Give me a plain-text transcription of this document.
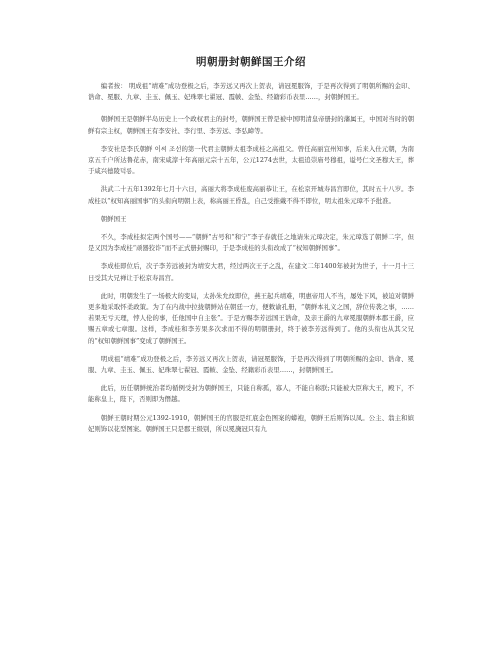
明朝册封朝鲜国王介绍

编者按： 明成祖“靖难”成功登极之后，李芳远又再次上贺表，请冠冕服饰，于是再次得到了明朝所赐的金印、诰命、冕服、九章、圭玉、佩玉、妃珠翠七翟冠、霞帔、金坠、经籍彩币表里……，封朝鲜国王。

朝鲜国王是朝鲜半岛历史上一个政权君主的封号，朝鲜国王曾是被中国明清皇帝册封的藩属王，中国对当时的朝鲜有宗主权，朝鲜国王有李安社、李行里、李芳远、李弘暐等。

李安社是李氏朝鲜 이씨 조선的第一代君主朝鲜太祖李成桂之高祖父。曾任高丽宜州知事，后来入仕元朝，为南京五千户所达鲁花赤，南宋咸淳十年高丽元宗十五年，公元1274去世，太祖追崇庙号穆祖，谥号仁文圣穆大王，葬于咸兴德陵덕릉。

洪武二十五年1392年七月十六日，高丽大将李成桂废高丽恭让王，在松京开城寿昌宫即位，其时五十八岁。李成桂以“权知高丽国事”的头衔向明朝上表，称高丽王昏乱，自己受推戴不得不即位，明太祖朱元璋不予批准。

朝鲜国王

不久，李成桂拟定两个国号——“朝鲜”古号和“和宁”李子春就任之地请朱元璋决定，朱元璋选了朝鲜二字，但是又因为李成桂“顽器狡诈”而不正式册封赐印，于是李成桂的头衔改成了“权知朝鲜国事”。

李成桂即位后，次子李芳远被封为靖安大君，经过两次王子之乱，在建文二年1400年被封为世子，十一月十三日受其大兄禅让于松京寿昌宫。

此时，明朝发生了一场极大的变局，太孙朱允炆即位，燕王起兵靖难，明惠帝用人不当，屡处下风，被迫对朝鲜更多地采取怀柔政策。为了在内战中拉拢朝鲜站在朝廷一方，便敕谕孔册，“朝鲜本礼义之国，辞位传袭之事，……若果无亏天理，悖人伦的事，任他国中自主张”。于是方赐李芳远国王诰命，及亲王爵的九章冕服朝鲜本郡王爵，应赐五章或七章服。这样，李成桂和李芳果多次求而不得的明朝册封，终于被李芳远得到了。他的头衔也从其父兄的“权知朝鲜国事”变成了朝鲜国王。

明成祖“靖难”成功登极之后，李芳远又再次上贺表，请冠冕服饰，于是再次得到了明朝所赐的金印、诰命、冕服、九章、圭玉、佩玉、妃珠翠七翟冠、霞帔、金坠、经籍彩币表里……，封朝鲜国王。

此后，历任朝鲜统治者均循例受封为朝鲜国王，只能自称孤，寡人，不能自称朕;只能被大臣称大王，殿下，不能称皇上，陛下，否则即为僭越。

朝鲜王朝时期公元1392-1910，朝鲜国王的官服是红底金色图案的蟒袍，朝鲜王后则饰以凤。公主、翁主和嫔妃则饰以花型图案。朝鲜国王只是郡王级别，所以冕旒冠只有九
